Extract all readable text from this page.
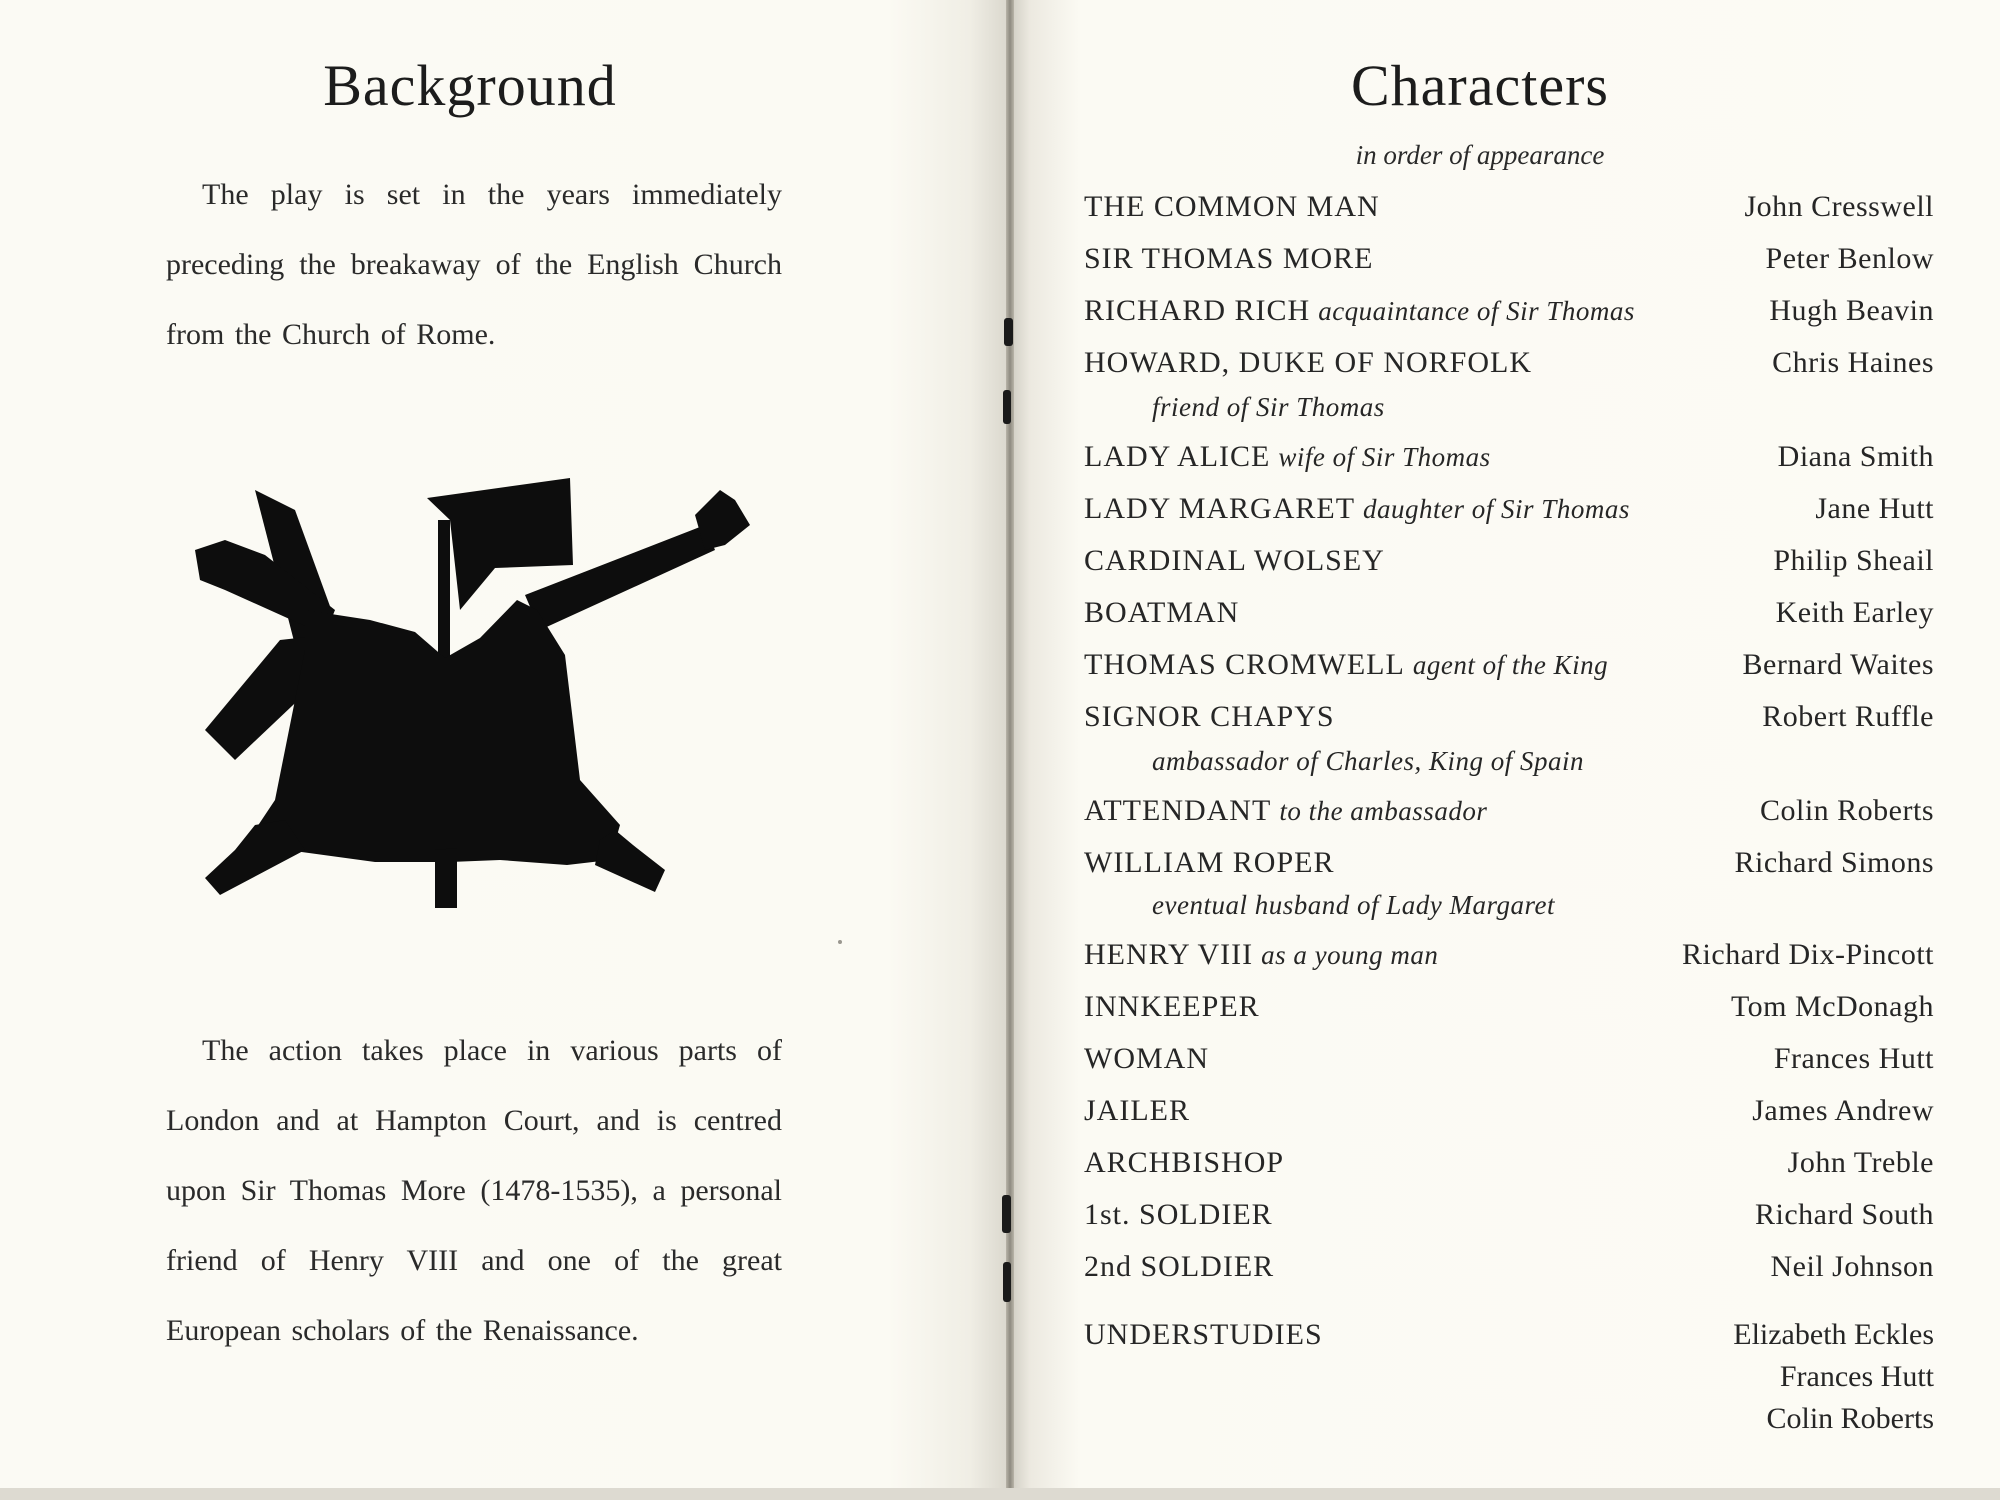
Background
The play is set in the years immediately preceding the breakaway of the English Church from the Church of Rome.
The action takes place in various parts of London and at Hampton Court, and is centred upon Sir Thomas More (1478-1535), a personal friend of Henry VIII and one of the great European scholars of the Renaissance.
Characters
in order of appearance
THE COMMON MAN	John Cresswell
SIR THOMAS MORE	Peter Benlow
RICHARD RICH acquaintance of Sir Thomas	Hugh Beavin
HOWARD, DUKE OF NORFOLK	Chris Haines
friend of Sir Thomas
LADY ALICE wife of Sir Thomas	Diana Smith
LADY MARGARET daughter of Sir Thomas	Jane Hutt
CARDINAL WOLSEY	Philip Sheail
BOATMAN	Keith Earley
THOMAS CROMWELL agent of the King	Bernard Waites
SIGNOR CHAPYS	Robert Ruffle
ambassador of Charles, King of Spain
ATTENDANT to the ambassador	Colin Roberts
WILLIAM ROPER	Richard Simons
eventual husband of Lady Margaret
HENRY VIII as a young man	Richard Dix-Pincott
INNKEEPER	Tom McDonagh
WOMAN	Frances Hutt
JAILER	James Andrew
ARCHBISHOP	John Treble
1st. SOLDIER	Richard South
2nd SOLDIER	Neil Johnson
UNDERSTUDIES	Elizabeth Eckles
Frances Hutt
Colin Roberts
